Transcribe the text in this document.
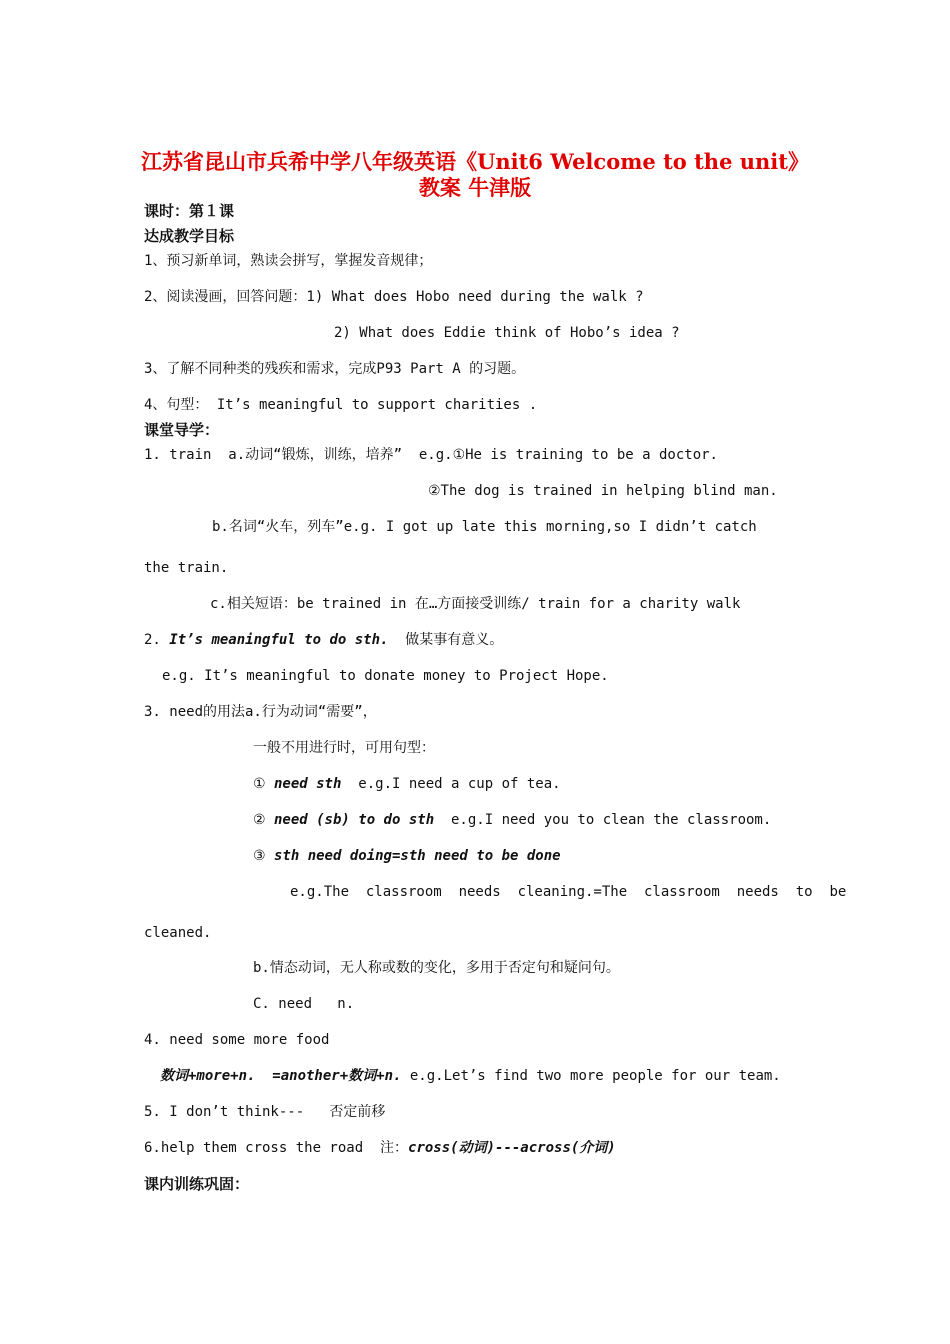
江苏省昆山市兵希中学八年级英语《Unit6 Welcome to the unit》
教案 牛津版
课时：第１课
达成教学目标
1、预习新单词，熟读会拼写，掌握发音规律；
2、阅读漫画，回答问题：1) What does Hobo need during the walk ?
2) What does Eddie think of Hobo’s idea ?
3、了解不同种类的残疾和需求，完成P93 Part A 的习题。
4、句型： It’s meaningful to support charities .
课堂导学：
1. train  a.动词“锻炼，训练，培养”  e.g.①He is training to be a doctor.
②The dog is trained in helping blind man.
b.名词“火车，列车”e.g. I got up late this morning,so I didn’t catch
the train.
c.相关短语：be trained in 在…方面接受训练/ train for a charity walk
2. It’s meaningful to do sth.  做某事有意义。
e.g. It’s meaningful to donate money to Project Hope.
3. need的用法a.行为动词“需要”，
一般不用进行时，可用句型：
① need sth  e.g.I need a cup of tea.
② need (sb) to do sth  e.g.I need you to clean the classroom.
③ sth need doing=sth need to be done
e.g.The  classroom  needs  cleaning.=The  classroom  needs  to  be
cleaned.
b.情态动词，无人称或数的变化，多用于否定句和疑问句。
C. need   n.
4. need some more food
数词+more+n.  =another+数词+n. e.g.Let’s find two more people for our team.
5. I don’t think---   否定前移
6.help them cross the road  注：cross(动词)---across(介词)
课内训练巩固：
